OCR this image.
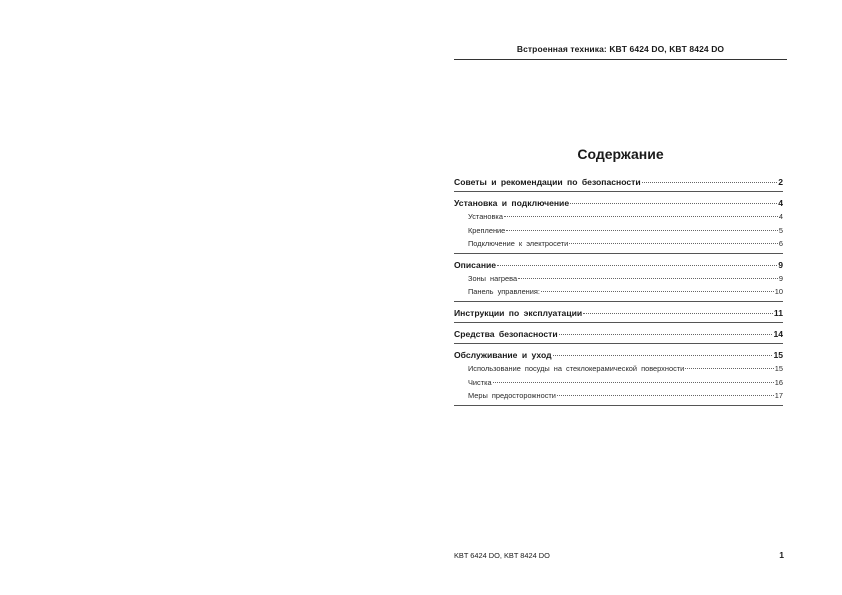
Встроенная техника: KBT 6424 DO, KBT 8424 DO
Содержание
Советы и рекомендации по безопасности	2
Установка и подключение	4
Установка	4
Крепление	5
Подключение к электросети	6
Описание	9
Зоны нагрева	9
Панель управления:	10
Инструкции по эксплуатации	11
Средства безопасности	14
Обслуживание и уход	15
Использование посуды на стеклокерамической поверхности	15
Чистка	16
Меры предосторожности	17
KBT 6424 DO, KBT 8424 DO	1
